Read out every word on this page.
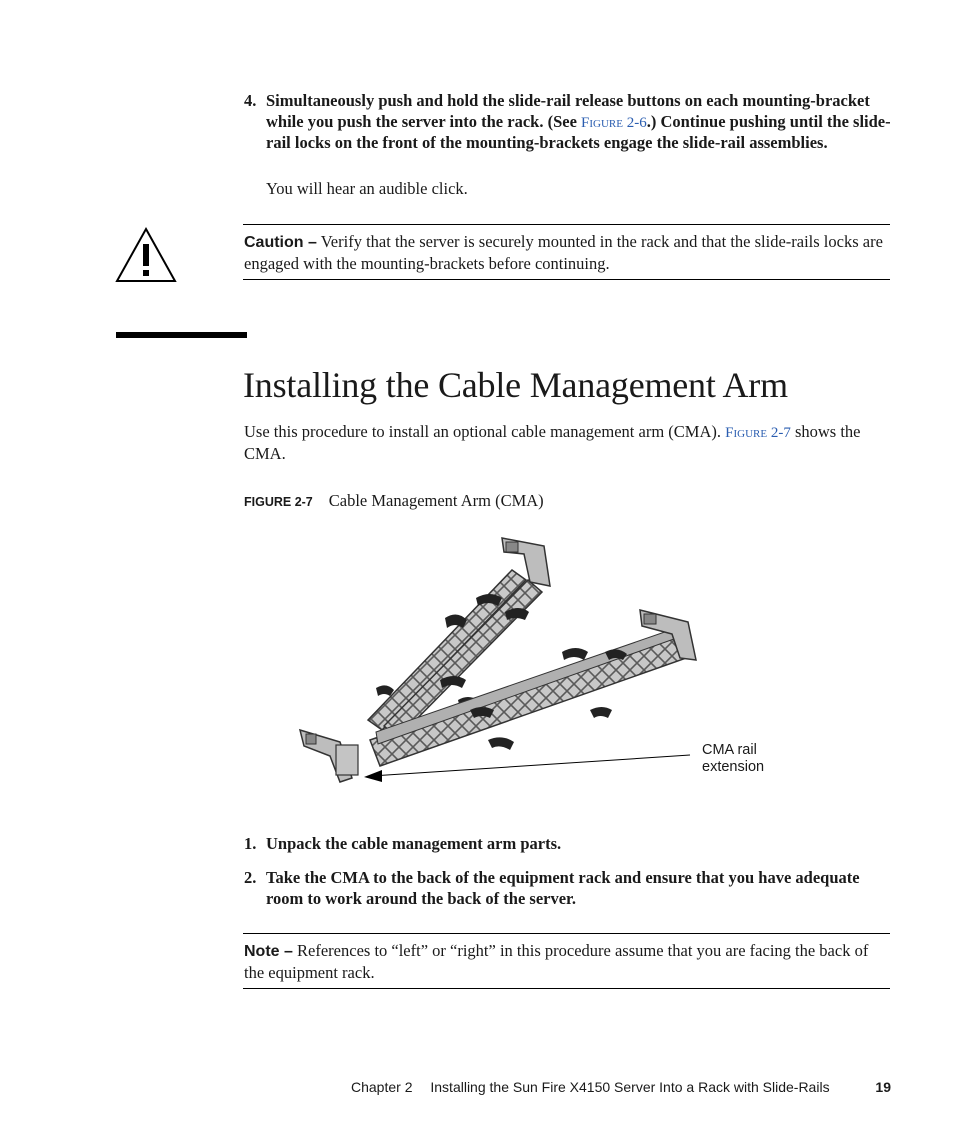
4. Simultaneously push and hold the slide-rail release buttons on each mounting-bracket while you push the server into the rack. (See Figure 2-6.) Continue pushing until the slide-rail locks on the front of the mounting-brackets engage the slide-rail assemblies.
You will hear an audible click.
Caution – Verify that the server is securely mounted in the rack and that the slide-rails locks are engaged with the mounting-brackets before continuing.
Installing the Cable Management Arm
Use this procedure to install an optional cable management arm (CMA). Figure 2-7 shows the CMA.
FIGURE 2-7 Cable Management Arm (CMA)
CMA rail
extension
1. Unpack the cable management arm parts.
2. Take the CMA to the back of the equipment rack and ensure that you have adequate room to work around the back of the server.
Note – References to “left” or “right” in this procedure assume that you are facing the back of the equipment rack.
Chapter 2 Installing the Sun Fire X4150 Server Into a Rack with Slide-Rails	19
